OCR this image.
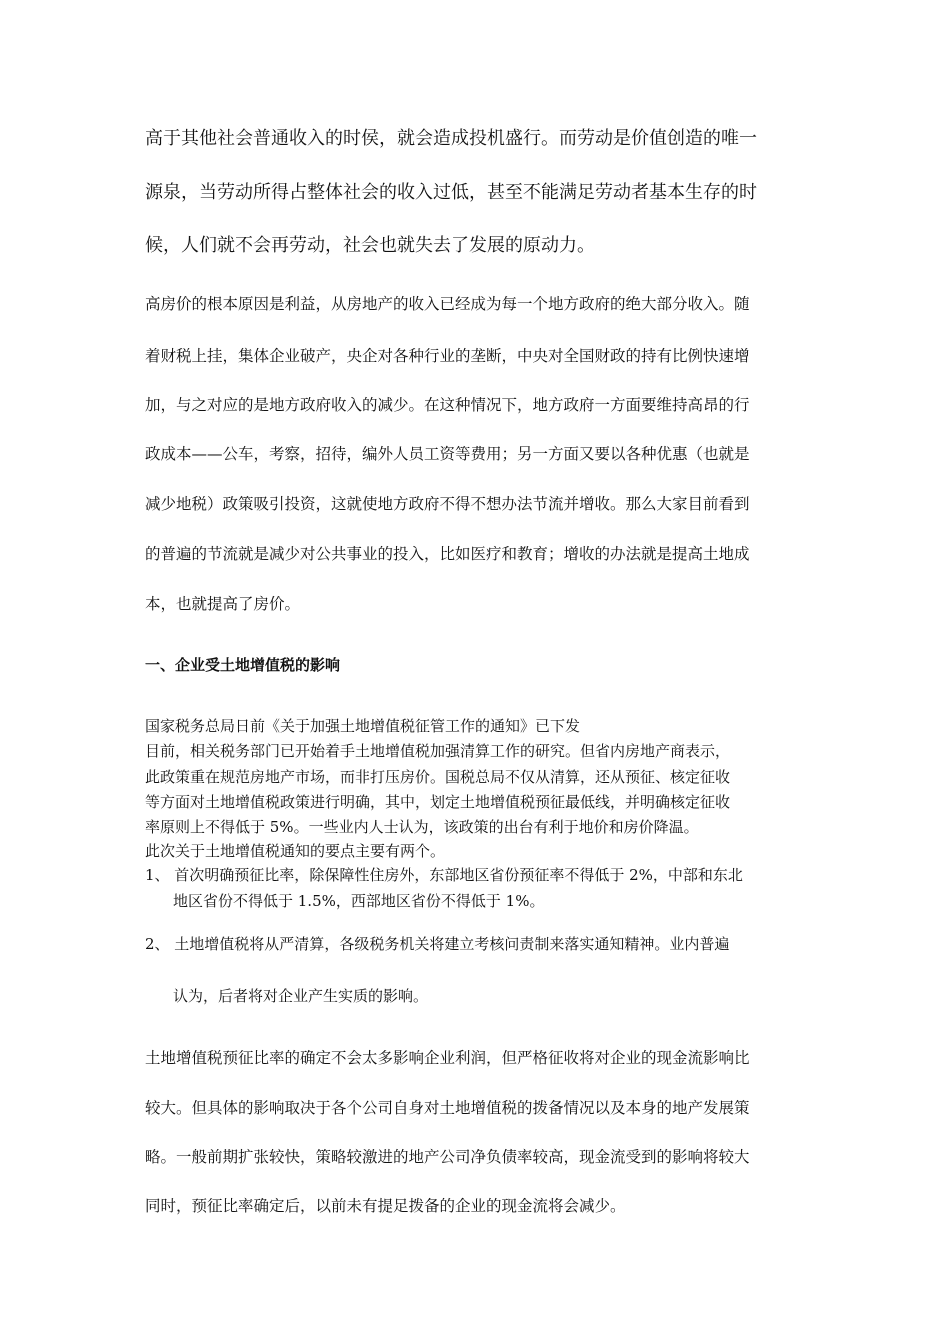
高于其他社会普通收入的时侯，就会造成投机盛行。而劳动是价值创造的唯一
源泉，当劳动所得占整体社会的收入过低，甚至不能满足劳动者基本生存的时
候，人们就不会再劳动，社会也就失去了发展的原动力。
高房价的根本原因是利益，从房地产的收入已经成为每一个地方政府的绝大部分收入。随
着财税上挂，集体企业破产，央企对各种行业的垄断，中央对全国财政的持有比例快速增
加，与之对应的是地方政府收入的减少。在这种情况下，地方政府一方面要维持高昂的行
政成本——公车，考察，招待，编外人员工资等费用；另一方面又要以各种优惠（也就是
减少地税）政策吸引投资，这就使地方政府不得不想办法节流并增收。那么大家目前看到
的普遍的节流就是减少对公共事业的投入，比如医疗和教育；增收的办法就是提高土地成
本，也就提高了房价。
一、企业受土地增值税的影响
国家税务总局日前《关于加强土地增值税征管工作的通知》已下发
目前，相关税务部门已开始着手土地增值税加强清算工作的研究。但省内房地产商表示，
此政策重在规范房地产市场，而非打压房价。国税总局不仅从清算，还从预征、核定征收
等方面对土地增值税政策进行明确，其中，划定土地增值税预征最低线，并明确核定征收
率原则上不得低于 5%。一些业内人士认为，该政策的出台有利于地价和房价降温。
此次关于土地增值税通知的要点主要有两个。
1、 首次明确预征比率，除保障性住房外，东部地区省份预征率不得低于 2%，中部和东北
地区省份不得低于 1.5%，西部地区省份不得低于 1%。
2、 土地增值税将从严清算，各级税务机关将建立考核问责制来落实通知精神。业内普遍
认为，后者将对企业产生实质的影响。
土地增值税预征比率的确定不会太多影响企业利润，但严格征收将对企业的现金流影响比
较大。但具体的影响取决于各个公司自身对土地增值税的拨备情况以及本身的地产发展策
略。一般前期扩张较快，策略较激进的地产公司净负债率较高，现金流受到的影响将较大
同时，预征比率确定后，以前未有提足拨备的企业的现金流将会减少。
